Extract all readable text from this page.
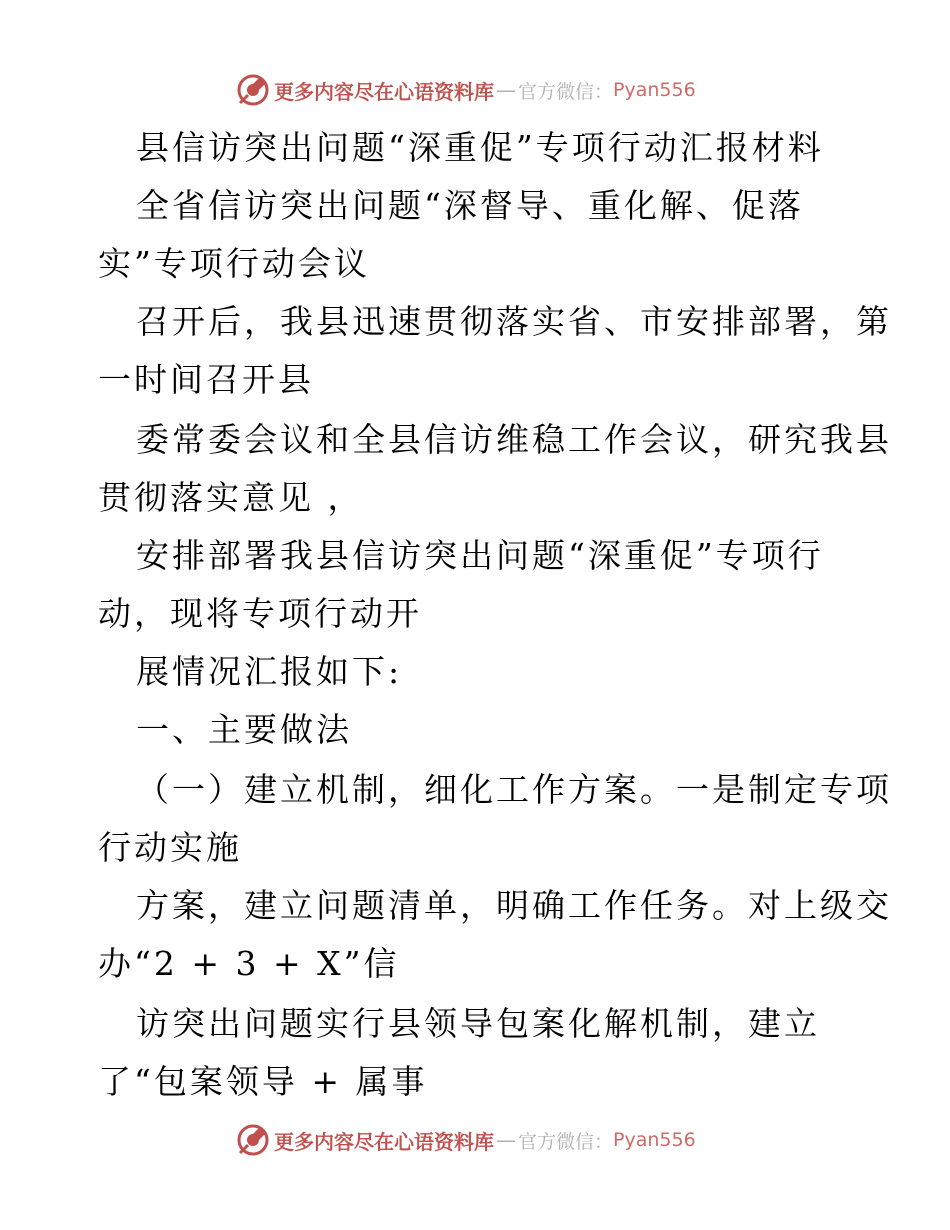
更多内容尽在心语资料库 — 官方微信： Pyan556
县信访突出问题“深重促”专项行动汇报材料
全省信访突出问题“深督导、重化解、促落
实”专项行动会议
召开后，我县迅速贯彻落实省、市安排部署，第
一时间召开县
委常委会议和全县信访维稳工作会议，研究我县
贯彻落实意见 ，
安排部署我县信访突出问题“深重促”专项行
动，现将专项行动开
展情况汇报如下:
一、主要做法
（一）建立机制，细化工作方案。一是制定专项
行动实施
方案，建立问题清单，明确工作任务。对上级交
办“2 + 3 + X”信
访突出问题实行县领导包案化解机制，建立
了“包案领导 + 属事
更多内容尽在心语资料库 — 官方微信： Pyan556
